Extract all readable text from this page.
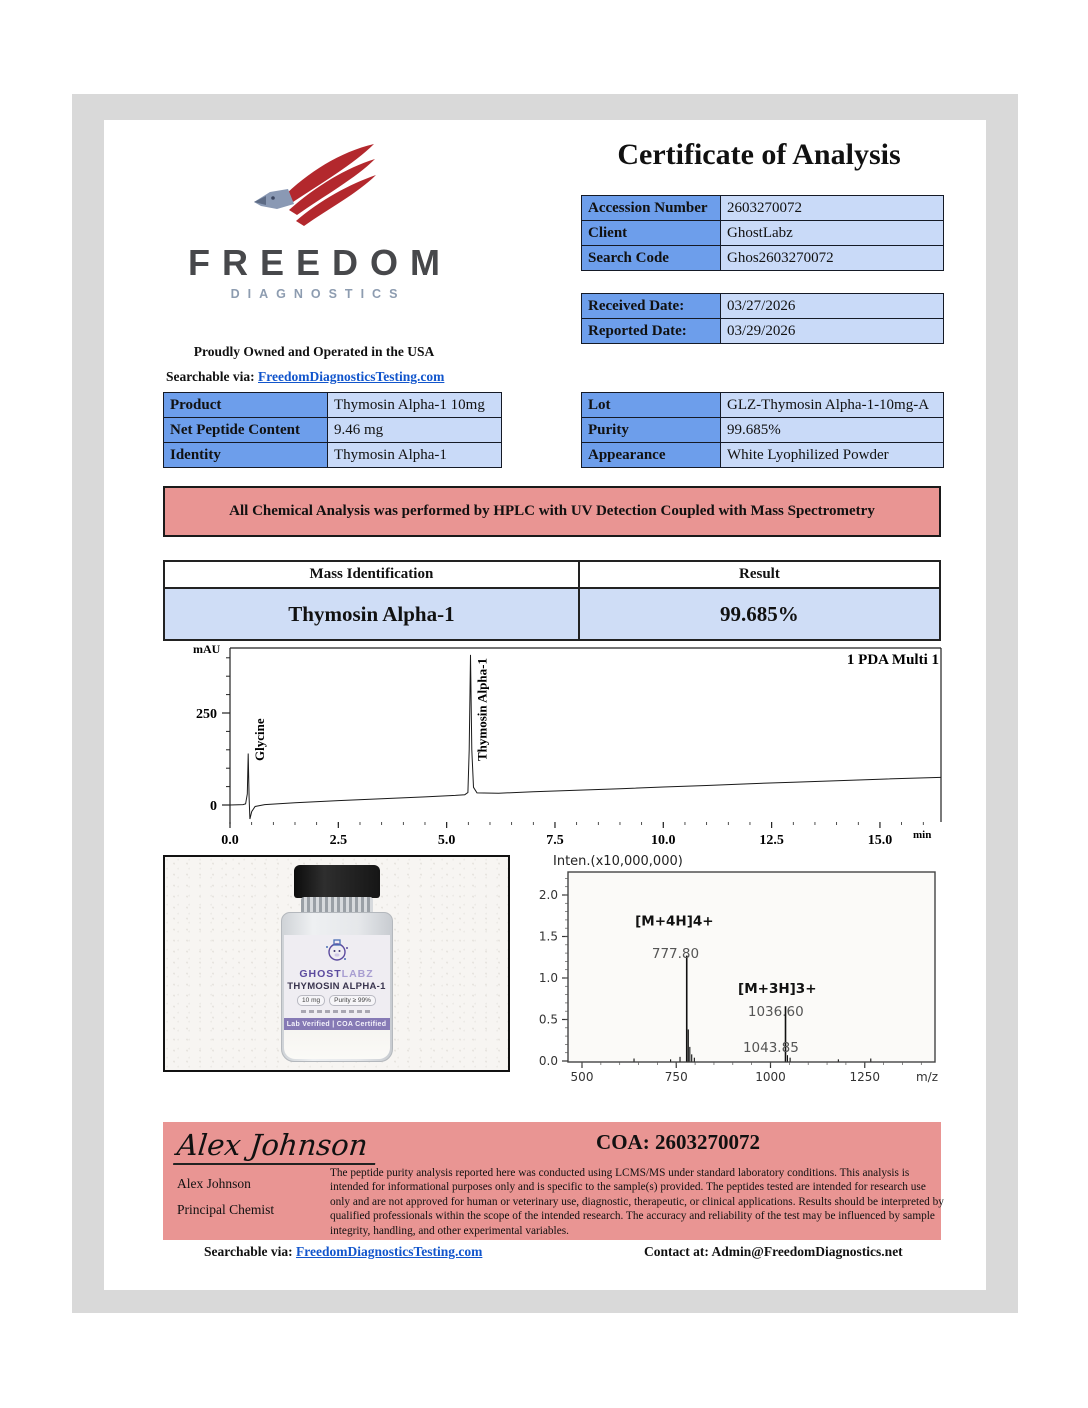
FREEDOM
DIAGNOSTICS
Proudly Owned and Operated in the USA
Searchable via: FreedomDiagnosticsTesting.com
Certificate of Analysis
Accession Number	2603270072
Client	GhostLabz
Search Code	Ghos2603270072
Received Date:	03/27/2026
Reported Date:	03/29/2026
Product	Thymosin Alpha-1 10mg
Net Peptide Content	9.46 mg
Identity	Thymosin Alpha-1
Lot	GLZ-Thymosin Alpha-1-10mg-A
Purity	99.685%
Appearance	White Lyophilized Powder
All Chemical Analysis was performed by HPLC with UV Detection Coupled with Mass Spectrometry
Mass Identification	Result
Thymosin Alpha-1	99.685%
0
250
0.0	2.5	5.0	7.5	10.0	12.5	15.0
mAU
min
1 PDA Multi 1
Glycine	Thymosin Alpha-1
GHOSTLABZ
THYMOSIN ALPHA-1
10 mg	Purity ≥ 99%
Lab Verified | COA Certified
0.0
0.5
1.0
1.5
2.0
500	750	1000	1250
Inten.(x10,000,000)
m/z
[M+4H]4+
777.80
[M+3H]3+
1036.60
1043.85
Alex Johnson
Alex Johnson
Principal Chemist
COA: 2603270072
The peptide purity analysis reported here was conducted using LCMS/MS under standard laboratory conditions. This analysis is intended for informational purposes only and is specific to the sample(s) provided. The peptides tested are intended for research use only and are not approved for human or veterinary use, diagnostic, therapeutic, or clinical applications. Results should be interpreted by qualified professionals within the scope of the intended research. The accuracy and reliability of the test may be influenced by sample integrity, handling, and other experimental variables.
Searchable via: FreedomDiagnosticsTesting.com	Contact at: Admin@FreedomDiagnostics.net
